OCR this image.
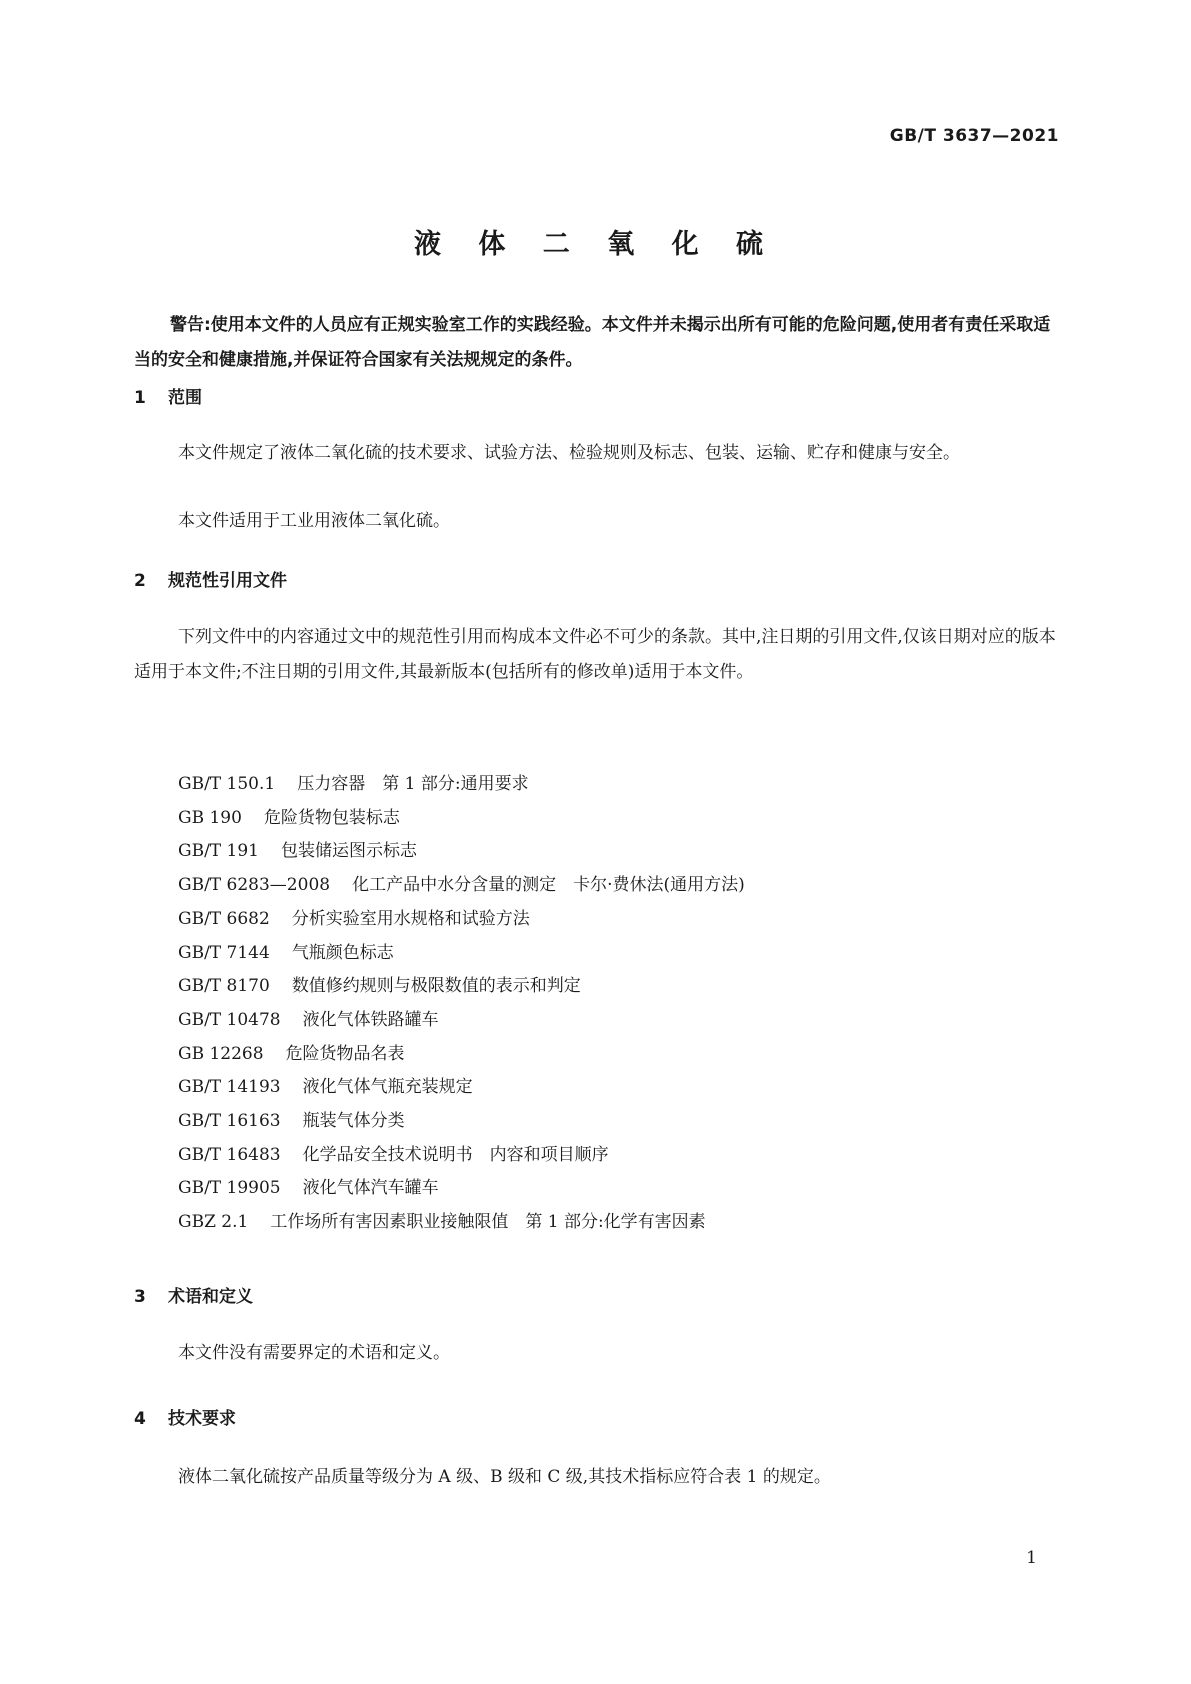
GB/T 3637—2021
液 体 二 氧 化 硫

警告:使用本文件的人员应有正规实验室工作的实践经验。本文件并未揭示出所有可能的危险问题,使用者有责任采取适当的安全和健康措施,并保证符合国家有关法规规定的条件。

1 范围

本文件规定了液体二氧化硫的技术要求、试验方法、检验规则及标志、包装、运输、贮存和健康与安全。

本文件适用于工业用液体二氧化硫。

2 规范性引用文件

下列文件中的内容通过文中的规范性引用而构成本文件必不可少的条款。其中,注日期的引用文件,仅该日期对应的版本适用于本文件;不注日期的引用文件,其最新版本(包括所有的修改单)适用于本文件。

GB/T 150.1 压力容器　第 1 部分:通用要求
GB 190 危险货物包装标志
GB/T 191 包装储运图示标志
GB/T 6283—2008 化工产品中水分含量的测定　卡尔·费休法(通用方法)
GB/T 6682 分析实验室用水规格和试验方法
GB/T 7144 气瓶颜色标志
GB/T 8170 数值修约规则与极限数值的表示和判定
GB/T 10478 液化气体铁路罐车
GB 12268 危险货物品名表
GB/T 14193 液化气体气瓶充装规定
GB/T 16163 瓶装气体分类
GB/T 16483 化学品安全技术说明书　内容和项目顺序
GB/T 19905 液化气体汽车罐车
GBZ 2.1 工作场所有害因素职业接触限值　第 1 部分:化学有害因素
3 术语和定义

本文件没有需要界定的术语和定义。

4 技术要求

液体二氧化硫按产品质量等级分为 A 级、B 级和 C 级,其技术指标应符合表 1 的规定。

1
